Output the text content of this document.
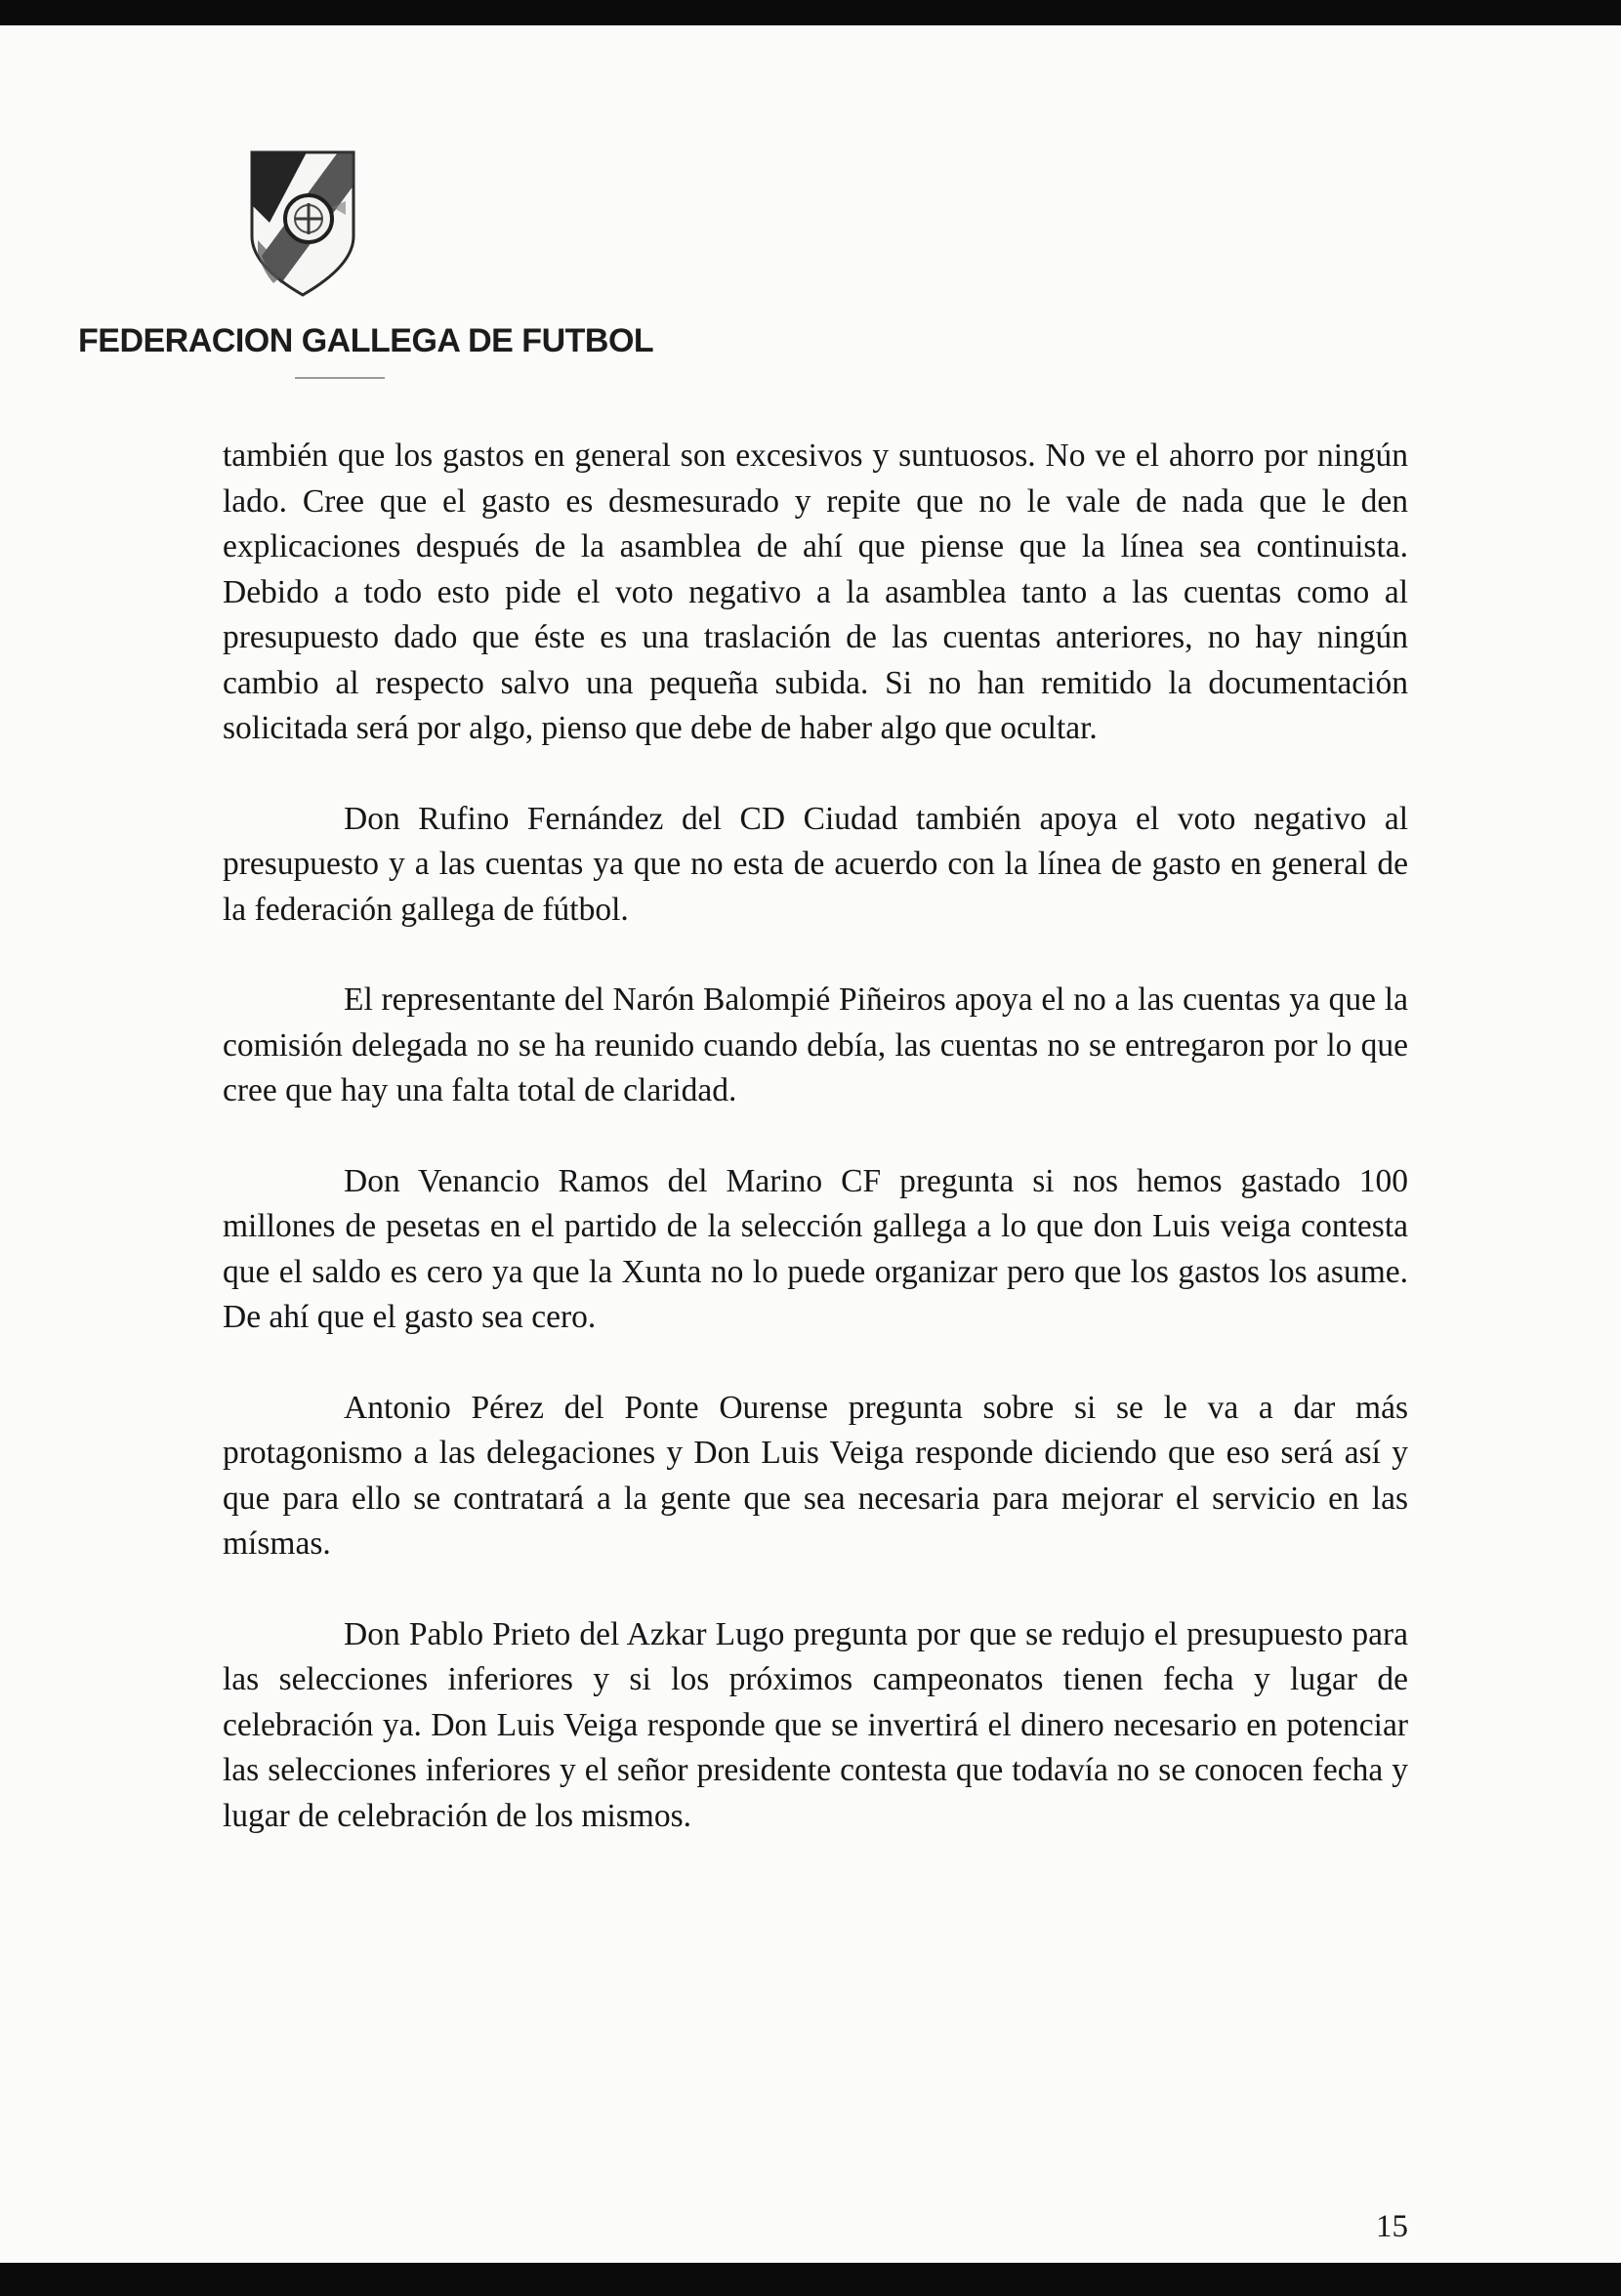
FEDERACION GALLEGA DE FUTBOL

también que los gastos en general son excesivos y suntuosos. No ve el ahorro por ningún lado. Cree que el gasto es desmesurado y repite que no le vale de nada que le den explicaciones después de la asamblea de ahí que piense que la línea sea continuista. Debido a todo esto pide el voto negativo a la asamblea tanto a las cuentas como al presupuesto dado que éste es una traslación de las cuentas anteriores, no hay ningún cambio al respecto salvo una pequeña subida. Si no han remitido la documentación solicitada será por algo, pienso que debe de haber algo que ocultar.

Don Rufino Fernández del CD Ciudad también apoya el voto negativo al presupuesto y a las cuentas ya que no esta de acuerdo con la línea de gasto en general de la federación gallega de fútbol.

El representante del Narón Balompié Piñeiros apoya el no a las cuentas ya que la comisión delegada no se ha reunido cuando debía, las cuentas no se entregaron por lo que cree que hay una falta total de claridad.

Don Venancio Ramos del Marino CF pregunta si nos hemos gastado 100 millones de pesetas en el partido de la selección gallega a lo que don Luis veiga contesta que el saldo es cero ya que la Xunta no lo puede organizar pero que los gastos los asume. De ahí que el gasto sea cero.

Antonio Pérez del Ponte Ourense pregunta sobre si se le va a dar más protagonismo a las delegaciones y Don Luis Veiga responde diciendo que eso será así y que para ello se contratará a la gente que sea necesaria para mejorar el servicio en las mísmas.

Don Pablo Prieto del Azkar Lugo pregunta por que se redujo el presupuesto para las selecciones inferiores y si los próximos campeonatos tienen fecha y lugar de celebración ya. Don Luis Veiga responde que se invertirá el dinero necesario en potenciar las selecciones inferiores y el señor presidente contesta que todavía no se conocen fecha y lugar de celebración de los mismos.

15
